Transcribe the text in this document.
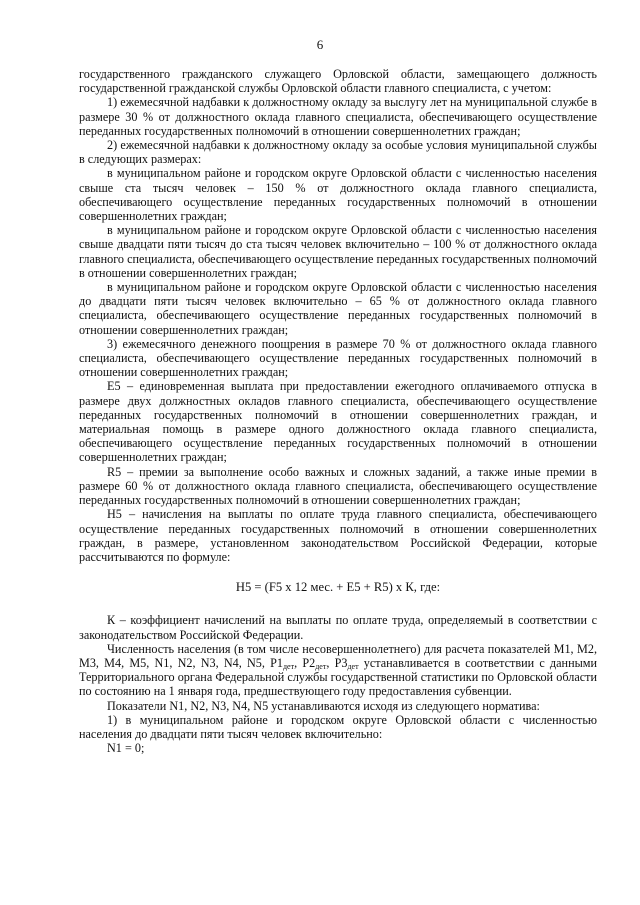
6

государственного гражданского служащего Орловской области, замещающего должность государственной гражданской службы Орловской области главного специалиста, с учетом:

1) ежемесячной надбавки к должностному окладу за выслугу лет на муниципальной службе в размере 30 % от должностного оклада главного специалиста, обеспечивающего осуществление переданных государственных полномочий в отношении совершеннолетних граждан;

2) ежемесячной надбавки к должностному окладу за особые условия муниципальной службы в следующих размерах:

в муниципальном районе и городском округе Орловской области с численностью населения свыше ста тысяч человек – 150 % от должностного оклада главного специалиста, обеспечивающего осуществление переданных государственных полномочий в отношении совершеннолетних граждан;

в муниципальном районе и городском округе Орловской области с численностью населения свыше двадцати пяти тысяч до ста тысяч человек включительно – 100 % от должностного оклада главного специалиста, обеспечивающего осуществление переданных государственных полномочий в отношении совершеннолетних граждан;

в муниципальном районе и городском округе Орловской области с численностью населения до двадцати пяти тысяч человек включительно – 65 % от должностного оклада главного специалиста, обеспечивающего осуществление переданных государственных полномочий в отношении совершеннолетних граждан;

3) ежемесячного денежного поощрения в размере 70 % от должностного оклада главного специалиста, обеспечивающего осуществление переданных государственных полномочий в отношении совершеннолетних граждан;

Е5 – единовременная выплата при предоставлении ежегодного оплачиваемого отпуска в размере двух должностных окладов главного специалиста, обеспечивающего осуществление переданных государственных полномочий в отношении совершеннолетних граждан, и материальная помощь в размере одного должностного оклада главного специалиста, обеспечивающего осуществление переданных государственных полномочий в отношении совершеннолетних граждан;

R5 – премии за выполнение особо важных и сложных заданий, а также иные премии в размере 60 % от должностного оклада главного специалиста, обеспечивающего осуществление переданных государственных полномочий в отношении совершеннолетних граждан;

Н5 – начисления на выплаты по оплате труда главного специалиста, обеспечивающего осуществление переданных государственных полномочий в отношении совершеннолетних граждан, в размере, установленном законодательством Российской Федерации, которые рассчитываются по формуле:

Н5 = (F5 х 12 мес. + Е5 + R5) х К, где:

К – коэффициент начислений на выплаты по оплате труда, определяемый в соответствии с законодательством Российской Федерации.

Численность населения (в том числе несовершеннолетнего) для расчета показателей М1, М2, М3, М4, М5, N1, N2, N3, N4, N5, $Р1_{дет}$, $Р2_{дет}$, $Р3_{дет}$ устанавливается в соответствии с данными Территориального органа Федеральной службы государственной статистики по Орловской области по состоянию на 1 января года, предшествующего году предоставления субвенции.

Показатели N1, N2, N3, N4, N5 устанавливаются исходя из следующего норматива:

1) в муниципальном районе и городском округе Орловской области с численностью населения до двадцати пяти тысяч человек включительно:

N1 = 0;
